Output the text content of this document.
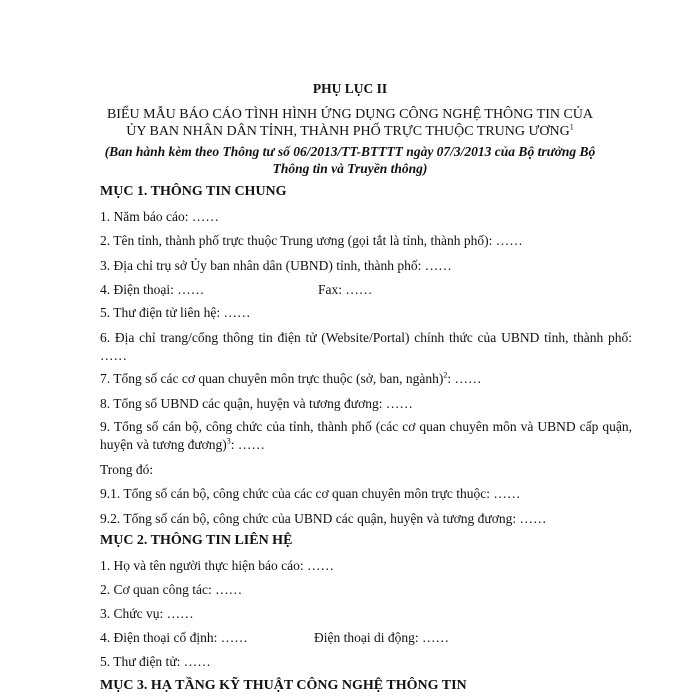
PHỤ LỤC II
BIỂU MẪU BÁO CÁO TÌNH HÌNH ỨNG DỤNG CÔNG NGHỆ THÔNG TIN CỦA
ỦY BAN NHÂN DÂN TỈNH, THÀNH PHỐ TRỰC THUỘC TRUNG ƯƠNG$^1$
(Ban hành kèm theo Thông tư số 06/2013/TT-BTTTT ngày 07/3/2013 của Bộ trưởng Bộ
Thông tin và Truyền thông)
MỤC 1. THÔNG TIN CHUNG
1. Năm báo cáo: ……
2. Tên tỉnh, thành phố trực thuộc Trung ương (gọi tắt là tỉnh, thành phố): ……
3. Địa chỉ trụ sở Ủy ban nhân dân (UBND) tỉnh, thành phố: ……
4. Điện thoại: ……	Fax: ……
5. Thư điện tử liên hệ: ……
6. Địa chỉ trang/cổng thông tin điện tử (Website/Portal) chính thức của UBND tỉnh, thành phố: ……
7. Tổng số các cơ quan chuyên môn trực thuộc (sở, ban, ngành)$^2$: ……
8. Tổng số UBND các quận, huyện và tương đương: ……
9. Tổng số cán bộ, công chức của tỉnh, thành phố (các cơ quan chuyên môn và UBND cấp quận, huyện và tương đương)$^3$: ……
Trong đó:
9.1. Tổng số cán bộ, công chức của các cơ quan chuyên môn trực thuộc: ……
9.2. Tổng số cán bộ, công chức của UBND các quận, huyện và tương đương: ……
MỤC 2. THÔNG TIN LIÊN HỆ
1. Họ và tên người thực hiện báo cáo: ……
2. Cơ quan công tác: ……
3. Chức vụ: ……
4. Điện thoại cố định: ……	Điện thoại di động: ……
5. Thư điện tử: ……
MỤC 3. HẠ TẦNG KỸ THUẬT CÔNG NGHỆ THÔNG TIN
